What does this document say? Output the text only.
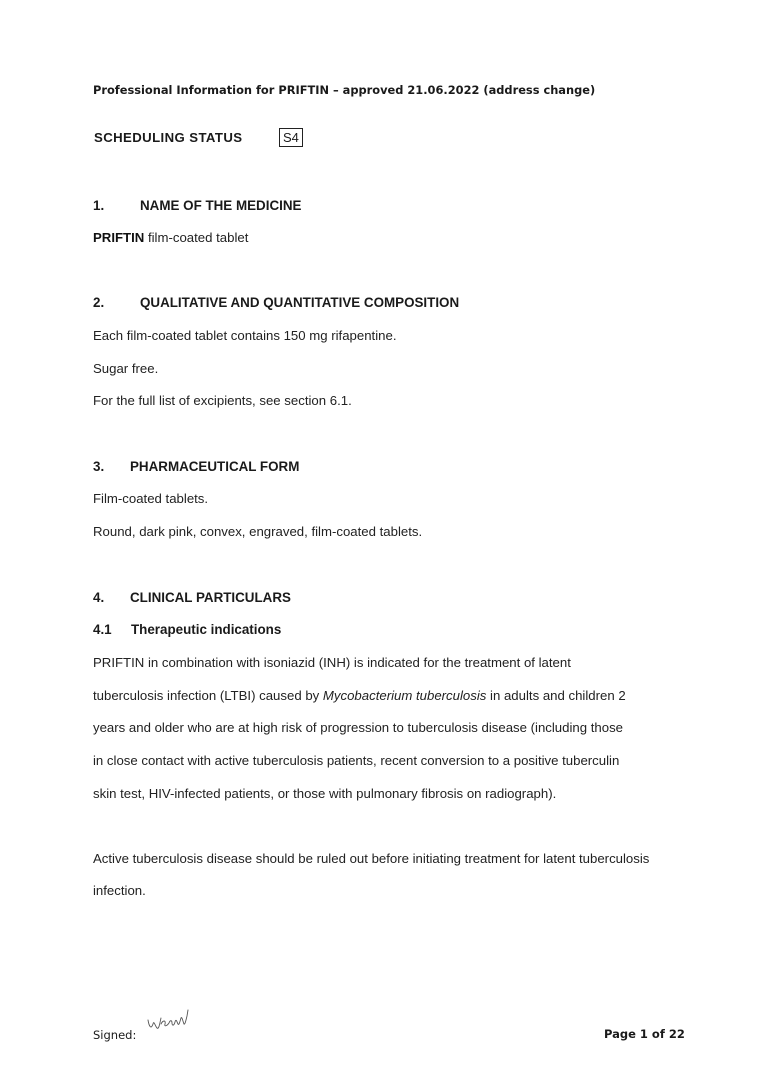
Professional Information for PRIFTIN – approved 21.06.2022 (address change)
SCHEDULING STATUS	S4
1.	NAME OF THE MEDICINE
PRIFTIN film-coated tablet
2.	QUALITATIVE AND QUANTITATIVE COMPOSITION
Each film-coated tablet contains 150 mg rifapentine.
Sugar free.
For the full list of excipients, see section 6.1.
3. PHARMACEUTICAL FORM
Film-coated tablets.
Round, dark pink, convex, engraved, film-coated tablets.
4. CLINICAL PARTICULARS
4.1 Therapeutic indications
PRIFTIN in combination with isoniazid (INH) is indicated for the treatment of latent
tuberculosis infection (LTBI) caused by Mycobacterium tuberculosis in adults and children 2
years and older who are at high risk of progression to tuberculosis disease (including those
in close contact with active tuberculosis patients, recent conversion to a positive tuberculin
skin test, HIV-infected patients, or those with pulmonary fibrosis on radiograph).
Active tuberculosis disease should be ruled out before initiating treatment for latent tuberculosis
infection.
Signed:	Page 1 of 22
